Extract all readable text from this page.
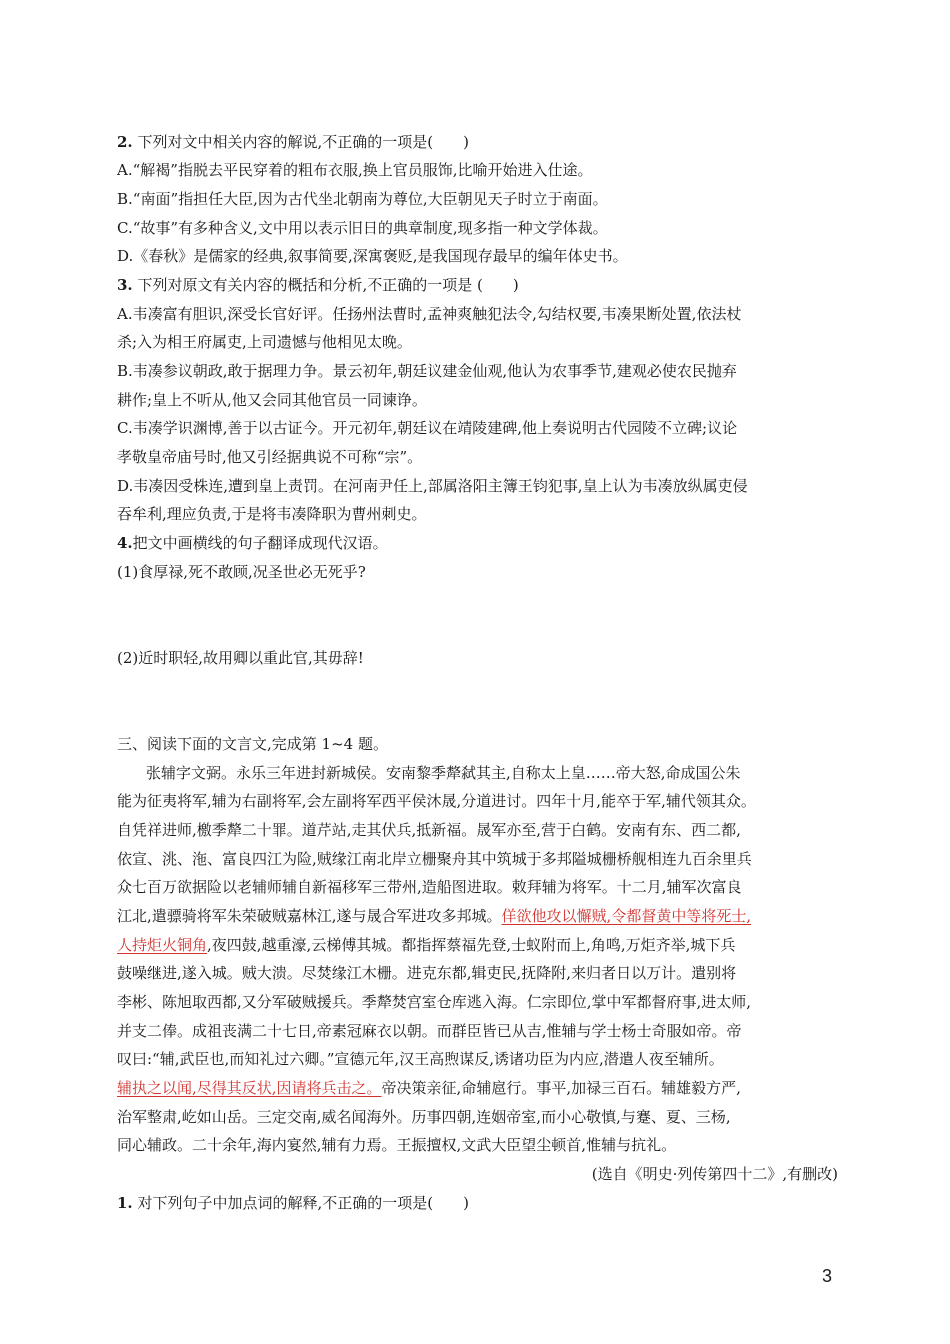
2. 下列对文中相关内容的解说,不正确的一项是(　　)
A.“解褐”指脱去平民穿着的粗布衣服,换上官员服饰,比喻开始进入仕途。
B.“南面”指担任大臣,因为古代坐北朝南为尊位,大臣朝见天子时立于南面。
C.“故事”有多种含义,文中用以表示旧日的典章制度,现多指一种文学体裁。
D.《春秋》是儒家的经典,叙事简要,深寓褒贬,是我国现存最早的编年体史书。
3. 下列对原文有关内容的概括和分析,不正确的一项是 (　　)
A.韦凑富有胆识,深受长官好评。任扬州法曹时,孟神爽触犯法令,勾结权要,韦凑果断处置,依法杖
杀;入为相王府属吏,上司遗憾与他相见太晚。
B.韦凑参议朝政,敢于据理力争。景云初年,朝廷议建金仙观,他认为农事季节,建观必使农民抛弃
耕作;皇上不听从,他又会同其他官员一同谏诤。
C.韦凑学识渊博,善于以古证今。开元初年,朝廷议在靖陵建碑,他上奏说明古代园陵不立碑;议论
孝敬皇帝庙号时,他又引经据典说不可称“宗”。
D.韦凑因受株连,遭到皇上责罚。在河南尹任上,部属洛阳主簿王钧犯事,皇上认为韦凑放纵属吏侵
吞牟利,理应负责,于是将韦凑降职为曹州刺史。
4.把文中画横线的句子翻译成现代汉语。
(1)食厚禄,死不敢顾,况圣世必无死乎?
(2)近时职轻,故用卿以重此官,其毋辞!
三、阅读下面的文言文,完成第 1~4 题。
张辅字文弼。永乐三年进封新城侯。安南黎季犛弑其主,自称太上皇……帝大怒,命成国公朱
能为征夷将军,辅为右副将军,会左副将军西平侯沐晟,分道进讨。四年十月,能卒于军,辅代领其众。
自凭祥进师,檄季犛二十罪。道芹站,走其伏兵,抵新福。晟军亦至,营于白鹤。安南有东、西二都,
依宣、洮、沲、富良四江为险,贼缘江南北岸立栅聚舟其中筑城于多邦隘城栅桥舰相连九百余里兵
众七百万欲据险以老辅师辅自新福移军三带州,造船图进取。敕拜辅为将军。十二月,辅军次富良
江北,遣骠骑将军朱荣破贼嘉林江,遂与晟合军进攻多邦城。佯欲他攻以懈贼,令都督黄中等将死士,
人持炬火铜角,夜四鼓,越重濠,云梯傅其城。都指挥蔡福先登,士蚁附而上,角鸣,万炬齐举,城下兵
鼓噪继进,遂入城。贼大溃。尽焚缘江木栅。进克东都,辑吏民,抚降附,来归者日以万计。遣别将
李彬、陈旭取西都,又分军破贼援兵。季犛焚宫室仓库逃入海。仁宗即位,掌中军都督府事,进太师,
并支二俸。成祖丧满二十七日,帝素冠麻衣以朝。而群臣皆已从吉,惟辅与学士杨士奇服如帝。帝
叹曰:“辅,武臣也,而知礼过六卿。”宣德元年,汉王高煦谋反,诱诸功臣为内应,潜遣人夜至辅所。
辅执之以闻,尽得其反状,因请将兵击之。帝决策亲征,命辅扈行。事平,加禄三百石。辅雄毅方严,
治军整肃,屹如山岳。三定交南,威名闻海外。历事四朝,连姻帝室,而小心敬慎,与蹇、夏、三杨,
同心辅政。二十余年,海内宴然,辅有力焉。王振擅权,文武大臣望尘顿首,惟辅与抗礼。
(选自《明史·列传第四十二》,有删改)
1. 对下列句子中加点词的解释,不正确的一项是(　　)
3
